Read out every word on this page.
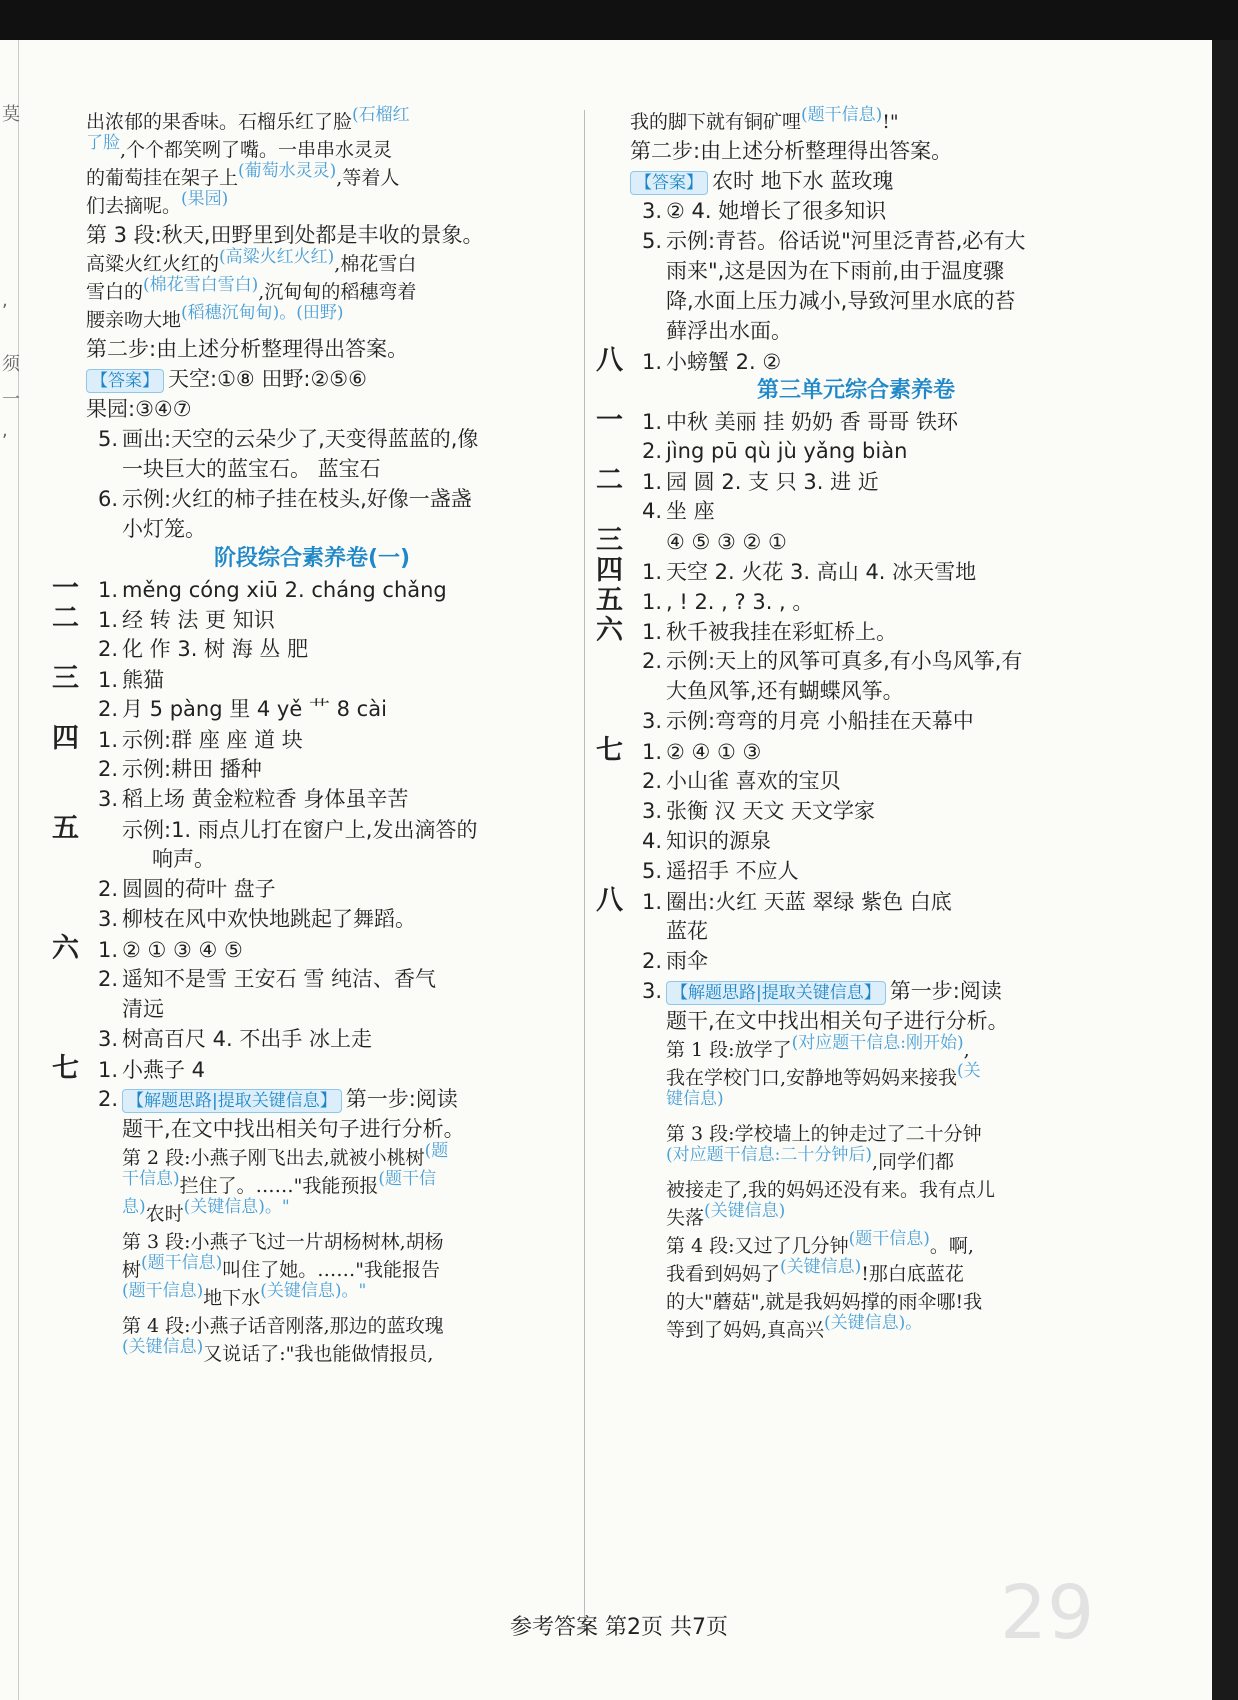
莫
,
须
一
,
出浓郁的果香味。石榴乐红了脸(石榴红
了脸,个个都笑咧了嘴。一串串水灵灵
的葡萄挂在架子上(葡萄水灵灵),等着人
们去摘呢。(果园)
第 3 段:秋天,田野里到处都是丰收的景象。
高粱火红火红的(高粱火红火红),棉花雪白
雪白的(棉花雪白雪白),沉甸甸的稻穗弯着
腰亲吻大地(稻穗沉甸甸)。(田野)
第二步:由上述分析整理得出答案。
【答案】 天空:①⑧ 田野:②⑤⑥
果园:③④⑦
5. 画出:天空的云朵少了,天变得蓝蓝的,像
一块巨大的蓝宝石。 蓝宝石
6. 示例:火红的柿子挂在枝头,好像一盏盏
小灯笼。
阶段综合素养卷(一)
一 1. měng cóng xiū 2. cháng chǎng
二 1. 经 转 法 更 知识
2. 化 作 3. 树 海 丛 肥
三 1. 熊猫
2. 月 5 pàng 里 4 yě 艹 8 cài
四 1. 示例:群 座 座 道 块
2. 示例:耕田 播种
3. 稻上场 黄金粒粒香 身体虽辛苦
五 示例:1. 雨点儿打在窗户上,发出滴答的
响声。
2. 圆圆的荷叶 盘子
3. 柳枝在风中欢快地跳起了舞蹈。
六 1. ② ① ③ ④ ⑤
2. 遥知不是雪 王安石 雪 纯洁、香气
清远
3. 树高百尺 4. 不出手 冰上走
七 1. 小燕子 4
2. 【解题思路|提取关键信息】 第一步:阅读
题干,在文中找出相关句子进行分析。
第 2 段:小燕子刚飞出去,就被小桃树(题
干信息)拦住了。……"我能预报(题干信
息)农时(关键信息)。"
第 3 段:小燕子飞过一片胡杨树林,胡杨
树(题干信息)叫住了她。……"我能报告
(题干信息)地下水(关键信息)。"
第 4 段:小燕子话音刚落,那边的蓝玫瑰
(关键信息)又说话了:"我也能做情报员,
我的脚下就有铜矿哩(题干信息)!"
第二步:由上述分析整理得出答案。
【答案】 农时 地下水 蓝玫瑰
3. ② 4. 她增长了很多知识
5. 示例:青苔。俗话说"河里泛青苔,必有大
雨来",这是因为在下雨前,由于温度骤
降,水面上压力减小,导致河里水底的苔
藓浮出水面。
八 1. 小螃蟹 2. ②
第三单元综合素养卷
一 1. 中秋 美丽 挂 奶奶 香 哥哥 铁环
2. jìng pū qù jù yǎng biàn
二 1. 园 圆 2. 支 只 3. 进 近
4. 坐 座
三 ④ ⑤ ③ ② ①
四 1. 天空 2. 火花 3. 高山 4. 冰天雪地
五 1. , ! 2. , ? 3. , 。
六 1. 秋千被我挂在彩虹桥上。
2. 示例:天上的风筝可真多,有小鸟风筝,有
大鱼风筝,还有蝴蝶风筝。
3. 示例:弯弯的月亮 小船挂在天幕中
七 1. ② ④ ① ③
2. 小山雀 喜欢的宝贝
3. 张衡 汉 天文 天文学家
4. 知识的源泉
5. 遥招手 不应人
八 1. 圈出:火红 天蓝 翠绿 紫色 白底
蓝花
2. 雨伞
3. 【解题思路|提取关键信息】 第一步:阅读
题干,在文中找出相关句子进行分析。
第 1 段:放学了(对应题干信息:刚开始),
我在学校门口,安静地等妈妈来接我(关
键信息)
第 3 段:学校墙上的钟走过了二十分钟
(对应题干信息:二十分钟后),同学们都
被接走了,我的妈妈还没有来。我有点儿
失落(关键信息)
第 4 段:又过了几分钟(题干信息)。啊,
我看到妈妈了(关键信息)!那白底蓝花
的大"蘑菇",就是我妈妈撑的雨伞哪!我
等到了妈妈,真高兴(关键信息)。
参考答案 第2页 共7页	29
